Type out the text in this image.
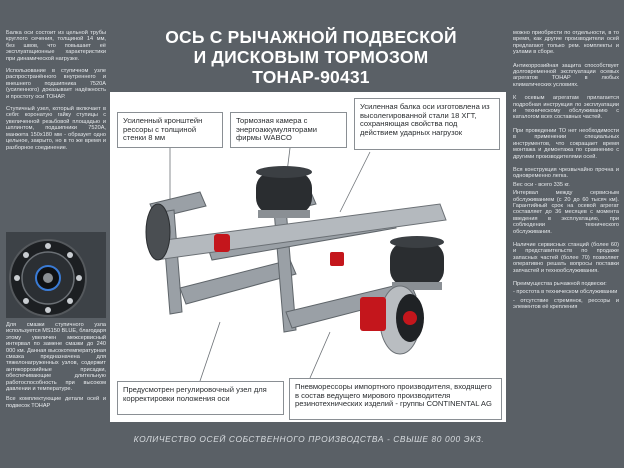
Балка оси состоит из цельной трубы круглого сечения, толщиной 14 мм, без швов, что повышает её эксплуатационные характеристики при динамической нагрузке.

Использование в ступичном узле распространённого внутреннего и внешнего подшипника 7520А (усиленного) доказывает надёжность и простоту оси ТОНАР.

Ступичный узел, который включает в себя: коронатую гайку ступицы с увеличенной резьбовой площадью и шплинтом, подшипники 7520А, манжета 150х180 мм - образует одно цельное, закрыто, но в то же время и разборное соединение.

Для смазки ступичного узла используется MS150 BLUE, благодаря этому увеличен межсервисный интервал по замене смазки до 240 000 км. Данная высокотемпературная смазка предназначена для тяжелонагруженных узлов, содержит антикоррозийные присадки, обеспечивающие длительную работоспособность при высоком давлении и температуре.

Все комплектующие детали осей и подвесок ТОНАР

ОСЬ С РЫЧАЖНОЙ ПОДВЕСКОЙ
И ДИСКОВЫМ ТОРМОЗОМ
ТОНАР-90431
Усиленный кронштейн рессоры с толщиной стенки 8 мм
Тормозная камера с энергоаккумуляторами фирмы WABCO
Усиленная балка оси изготовлена из высолегированной стали 18 ХГТ, сохраняющая свойства под действием ударных нагрузок
Предусмотрен регулировочный узел для корректировки положения оси
Пневморессоры импортного производителя, входящего в состав ведущего мирового производителя резинотехнических изделий - группы CONTINENTAL AG
КОЛИЧЕСТВО ОСЕЙ СОБСТВЕННОГО ПРОИЗВОДСТВА - СВЫШЕ 80 000 ЭКЗ.

можно приобрести по отдельности, в то время, как другие производители осей предлагают только рем. комплекты и узлами в сборе.

Антикоррозийная защита способствует долговременной эксплуатации осевых агрегатов ТОНАР в любых климатических условиях.

К осевым агрегатам прилагается подробная инструкция по эксплуатации и техническому обслуживанию с каталогом всех составных частей.

При проведении ТО нет необходимости в применении специальных инструментов, что сокращает время монтажа и демонтажа по сравнению с другими производителями осей.

Вся конструкция чрезвычайно прочна и одновременно легка.

Вес оси - всего 335 кг.

Интервал между сервисным обслуживанием (с 20 до 60 тысяч км). Гарантийный срок на осевой агрегат составляет до 36 месяцев с момента введения в эксплуатацию, при соблюдении технического обслуживания.

Наличие сервисных станций (более 60) и представительств по продаже запасных частей (более 70) позволяет оперативно решать вопросы поставки запчастей и технообслуживания.

Преимущества рычажной подвески:

- простота в техническом обслуживании

- отсутствие стремянок, рессоры и элементов её крепления
